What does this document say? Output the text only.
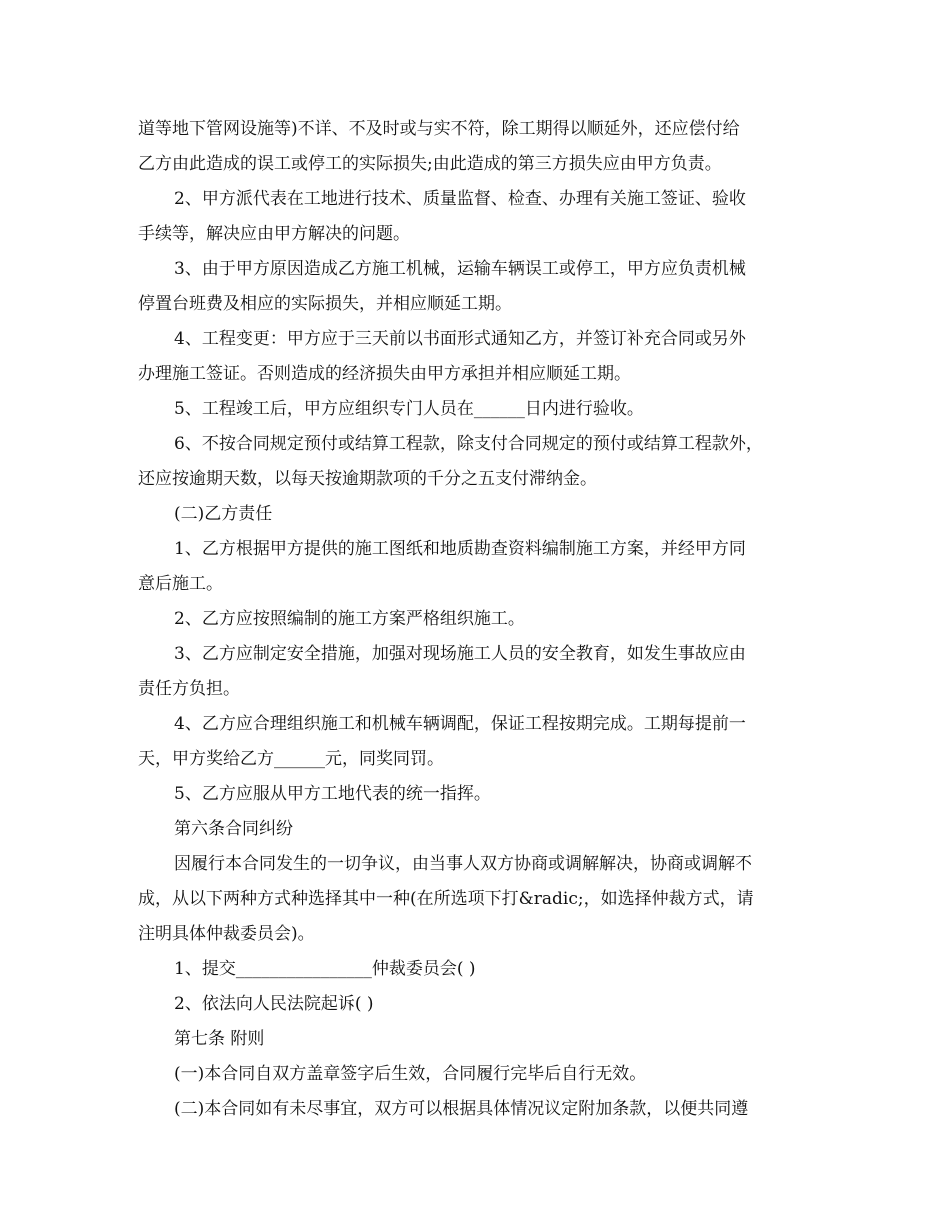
道等地下管网设施等)不详、不及时或与实不符，除工期得以顺延外，还应偿付给
乙方由此造成的误工或停工的实际损失;由此造成的第三方损失应由甲方负责。
2、甲方派代表在工地进行技术、质量监督、检查、办理有关施工签证、验收
手续等，解决应由甲方解决的问题。
3、由于甲方原因造成乙方施工机械，运输车辆误工或停工，甲方应负责机械
停置台班费及相应的实际损失，并相应顺延工期。
4、工程变更：甲方应于三天前以书面形式通知乙方，并签订补充合同或另外
办理施工签证。否则造成的经济损失由甲方承担并相应顺延工期。
5、工程竣工后，甲方应组织专门人员在______日内进行验收。
6、不按合同规定预付或结算工程款，除支付合同规定的预付或结算工程款外，
还应按逾期天数，以每天按逾期款项的千分之五支付滞纳金。
(二)乙方责任
1、乙方根据甲方提供的施工图纸和地质勘查资料编制施工方案，并经甲方同
意后施工。
2、乙方应按照编制的施工方案严格组织施工。
3、乙方应制定安全措施，加强对现场施工人员的安全教育，如发生事故应由
责任方负担。
4、乙方应合理组织施工和机械车辆调配，保证工程按期完成。工期每提前一
天，甲方奖给乙方______元，同奖同罚。
5、乙方应服从甲方工地代表的统一指挥。
第六条合同纠纷
因履行本合同发生的一切争议，由当事人双方协商或调解解决，协商或调解不
成，从以下两种方式种选择其中一种(在所选项下打&radic;，如选择仲裁方式，请
注明具体仲裁委员会)。
1、提交________________仲裁委员会( )
2、依法向人民法院起诉( )
第七条 附则
(一)本合同自双方盖章签字后生效，合同履行完毕后自行无效。
(二)本合同如有未尽事宜，双方可以根据具体情况议定附加条款，以便共同遵
